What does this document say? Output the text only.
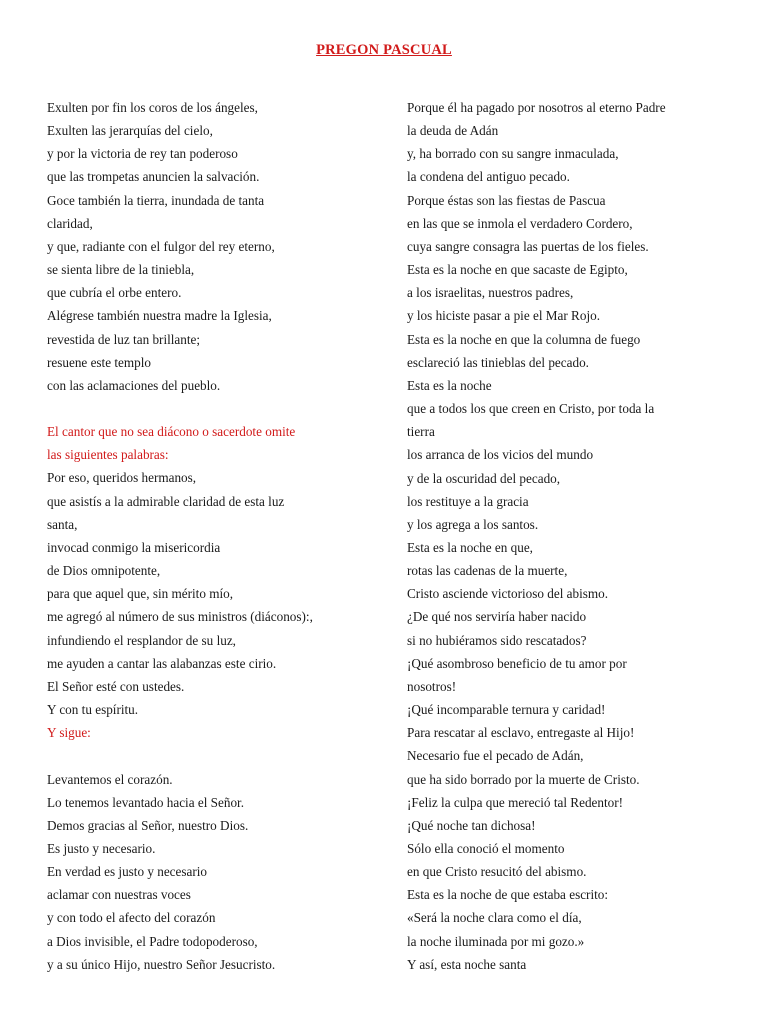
PREGON PASCUAL
Exulten por fin los coros de los ángeles,
Exulten las jerarquías del cielo,
y por la victoria de rey tan poderoso
que las trompetas anuncien la salvación.
Goce también la tierra, inundada de tanta
claridad,
y que, radiante con el fulgor del rey eterno,
se sienta libre de la tiniebla,
que cubría el orbe entero.
Alégrese también nuestra madre la Iglesia,
revestida de luz tan brillante;
resuene este templo
con las aclamaciones del pueblo.
El cantor que no sea diácono o sacerdote omite
las siguientes palabras:
Por eso, queridos hermanos,
que asistís a la admirable claridad de esta luz
santa,
invocad conmigo la misericordia
de Dios omnipotente,
para que aquel que, sin mérito mío,
me agregó al número de sus ministros (diáconos):,
infundiendo el resplandor de su luz,
me ayuden a cantar las alabanzas este cirio.
El Señor esté con ustedes.
Y con tu espíritu.
Y sigue:
Levantemos el corazón.
Lo tenemos levantado hacia el Señor.
Demos gracias al Señor, nuestro Dios.
Es justo y necesario.
En verdad es justo y necesario
aclamar con nuestras voces
y con todo el afecto del corazón
a Dios invisible, el Padre todopoderoso,
y a su único Hijo, nuestro Señor Jesucristo.
Porque él ha pagado por nosotros al eterno Padre
la deuda de Adán
y, ha borrado con su sangre inmaculada,
la condena del antiguo pecado.
Porque éstas son las fiestas de Pascua
en las que se inmola el verdadero Cordero,
cuya sangre consagra las puertas de los fieles.
Esta es la noche en que sacaste de Egipto,
a los israelitas, nuestros padres,
y los hiciste pasar a pie el Mar Rojo.
Esta es la noche en que la columna de fuego
esclareció las tinieblas del pecado.
Esta es la noche
que a todos los que creen en Cristo, por toda la
tierra
los arranca de los vicios del mundo
y de la oscuridad del pecado,
los restituye a la gracia
y los agrega a los santos.
Esta es la noche en que,
rotas las cadenas de la muerte,
Cristo asciende victorioso del abismo.
¿De qué nos serviría haber nacido
si no hubiéramos sido rescatados?
¡Qué asombroso beneficio de tu amor por
nosotros!
¡Qué incomparable ternura y caridad!
Para rescatar al esclavo, entregaste al Hijo!
Necesario fue el pecado de Adán,
que ha sido borrado por la muerte de Cristo.
¡Feliz la culpa que mereció tal Redentor!
¡Qué noche tan dichosa!
Sólo ella conoció el momento
en que Cristo resucitó del abismo.
Esta es la noche de que estaba escrito:
«Será la noche clara como el día,
la noche iluminada por mi gozo.»
Y así, esta noche santa
